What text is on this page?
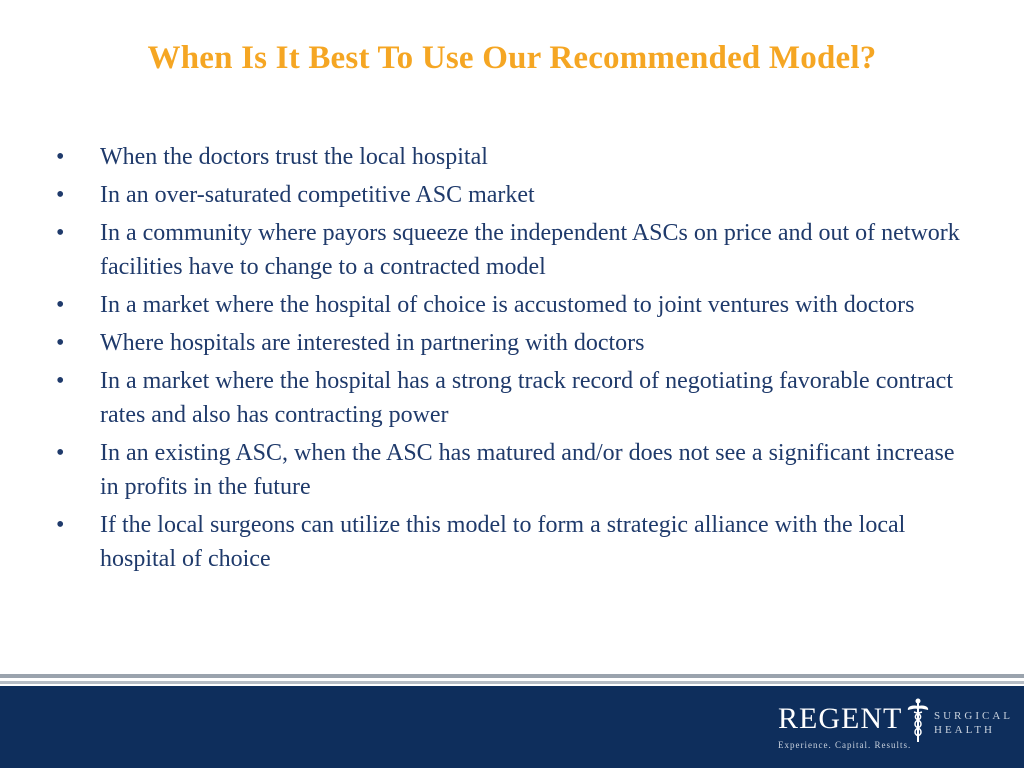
When Is It Best To Use Our Recommended Model?
•	When the doctors trust the local hospital
•	In an over-saturated competitive ASC market
•	In a community where payors squeeze the independent ASCs on price and out of network facilities have to change to a contracted model
•	In a market where the hospital of choice is accustomed to joint ventures with doctors
•	Where hospitals are interested in partnering with doctors
•	In a market where the hospital has a strong track record of negotiating favorable contract rates and also has contracting power
•	In an existing ASC, when the ASC has matured and/or does not see a significant increase in profits in the future
•	If the local surgeons can utilize this model to form a strategic alliance with the local hospital of choice

REGENT	SURGICAL

HEALTH

Experience. Capital. Results.
